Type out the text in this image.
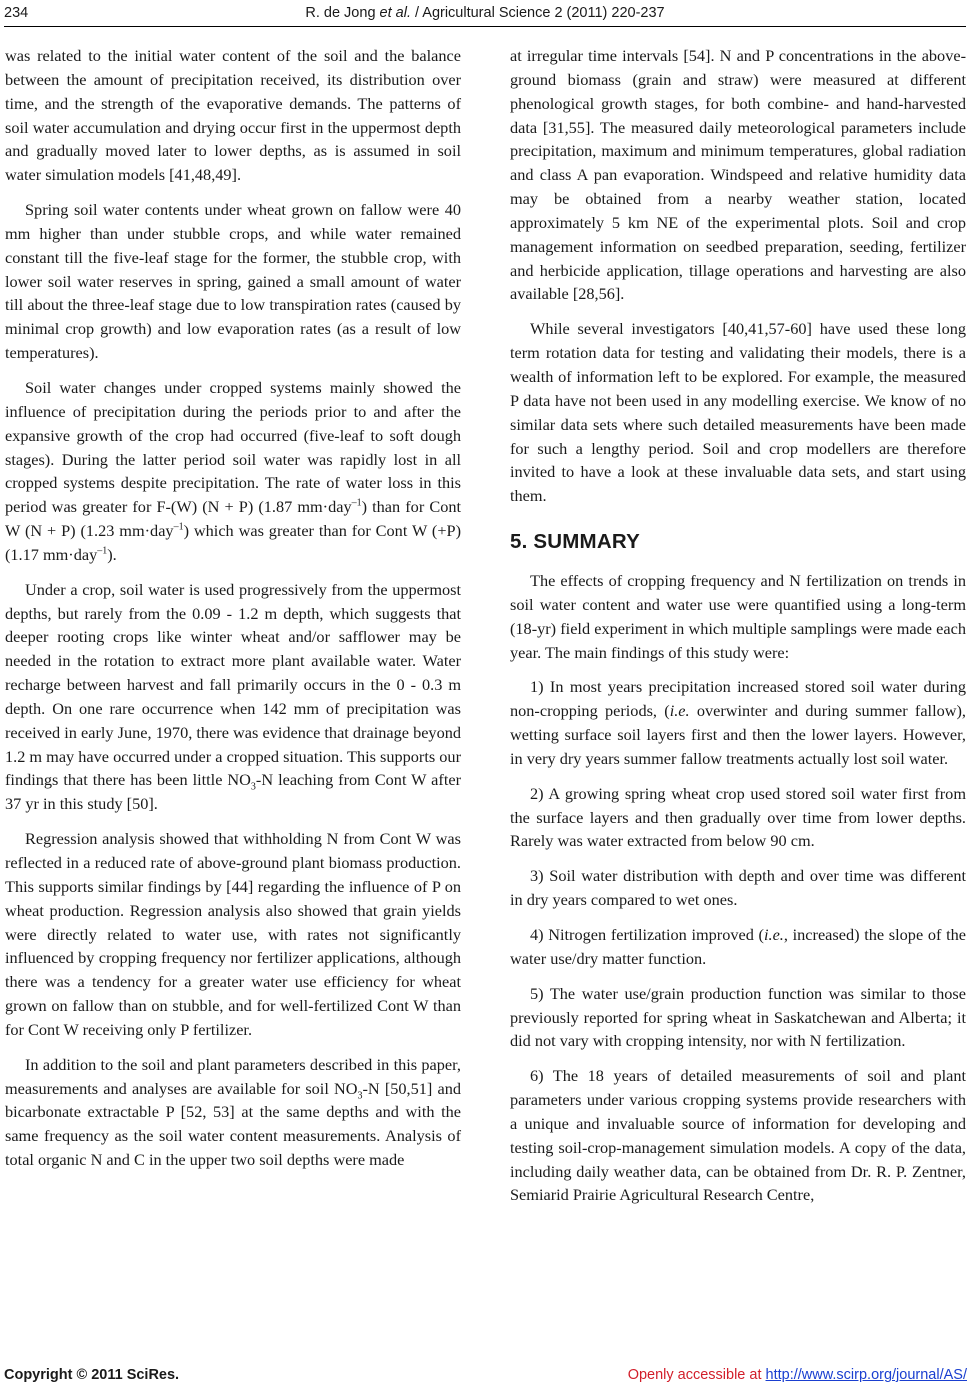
234	R. de Jong et al. / Agricultural Science 2 (2011) 220-237

was related to the initial water content of the soil and the balance between the amount of precipitation received, its distribution over time, and the strength of the evaporative demands. The patterns of soil water accumulation and drying occur first in the uppermost depth and gradually moved later to lower depths, as is assumed in soil water simulation models [41,48,49].

Spring soil water contents under wheat grown on fallow were 40 mm higher than under stubble crops, and while water remained constant till the five-leaf stage for the former, the stubble crop, with lower soil water reserves in spring, gained a small amount of water till about the three-leaf stage due to low transpiration rates (caused by minimal crop growth) and low evaporation rates (as a result of low temperatures).

Soil water changes under cropped systems mainly showed the influence of precipitation during the periods prior to and after the expansive growth of the crop had occurred (five-leaf to soft dough stages). During the latter period soil water was rapidly lost in all cropped systems despite precipitation. The rate of water loss in this period was greater for F-(W) (N + P) (1.87 mm·day$^{-1}$) than for Cont W (N + P) (1.23 mm·day$^{-1}$) which was greater than for Cont W (+P) (1.17 mm·day$^{-1}$).

Under a crop, soil water is used progressively from the uppermost depths, but rarely from the 0.09 - 1.2 m depth, which suggests that deeper rooting crops like winter wheat and/or safflower may be needed in the rotation to extract more plant available water. Water recharge between harvest and fall primarily occurs in the 0 - 0.3 m depth. On one rare occurrence when 142 mm of precipitation was received in early June, 1970, there was evidence that drainage beyond 1.2 m may have occurred under a cropped situation. This supports our findings that there has been little $NO_3-N$ leaching from Cont W after 37 yr in this study [50].

Regression analysis showed that withholding N from Cont W was reflected in a reduced rate of above-ground plant biomass production. This supports similar findings by [44] regarding the influence of P on wheat production. Regression analysis also showed that grain yields were directly related to water use, with rates not significantly influenced by cropping frequency nor fertilizer applications, although there was a tendency for a greater water use efficiency for wheat grown on fallow than on stubble, and for well-fertilized Cont W than for Cont W receiving only P fertilizer.

In addition to the soil and plant parameters described in this paper, measurements and analyses are available for soil $NO_3-N$ [50,51] and bicarbonate extractable P [52, 53] at the same depths and with the same frequency as the soil water content measurements. Analysis of total organic N and C in the upper two soil depths were made

at irregular time intervals [54]. N and P concentrations in the above-ground biomass (grain and straw) were measured at different phenological growth stages, for both combine- and hand-harvested data [31,55]. The measured daily meteorological parameters include precipitation, maximum and minimum temperatures, global radiation and class A pan evaporation. Windspeed and relative humidity data may be obtained from a nearby weather station, located approximately 5 km NE of the experimental plots. Soil and crop management information on seedbed preparation, seeding, fertilizer and herbicide application, tillage operations and harvesting are also available [28,56].

While several investigators [40,41,57-60] have used these long term rotation data for testing and validating their models, there is a wealth of information left to be explored. For example, the measured P data have not been used in any modelling exercise. We know of no similar data sets where such detailed measurements have been made for such a lengthy period. Soil and crop modellers are therefore invited to have a look at these invaluable data sets, and start using them.

5. SUMMARY

The effects of cropping frequency and N fertilization on trends in soil water content and water use were quantified using a long-term (18-yr) field experiment in which multiple samplings were made each year. The main findings of this study were:

1) In most years precipitation increased stored soil water during non-cropping periods, (i.e. overwinter and during summer fallow), wetting surface soil layers first and then the lower layers. However, in very dry years summer fallow treatments actually lost soil water.

2) A growing spring wheat crop used stored soil water first from the surface layers and then gradually over time from lower depths. Rarely was water extracted from below 90 cm.

3) Soil water distribution with depth and over time was different in dry years compared to wet ones.

4) Nitrogen fertilization improved (i.e., increased) the slope of the water use/dry matter function.

5) The water use/grain production function was similar to those previously reported for spring wheat in Saskatchewan and Alberta; it did not vary with cropping intensity, nor with N fertilization.

6) The 18 years of detailed measurements of soil and plant parameters under various cropping systems provide researchers with a unique and invaluable source of information for developing and testing soil-crop-management simulation models. A copy of the data, including daily weather data, can be obtained from Dr. R. P. Zentner, Semiarid Prairie Agricultural Research Centre,

Copyright © 2011 SciRes.	Openly accessible at http://www.scirp.org/journal/AS/
